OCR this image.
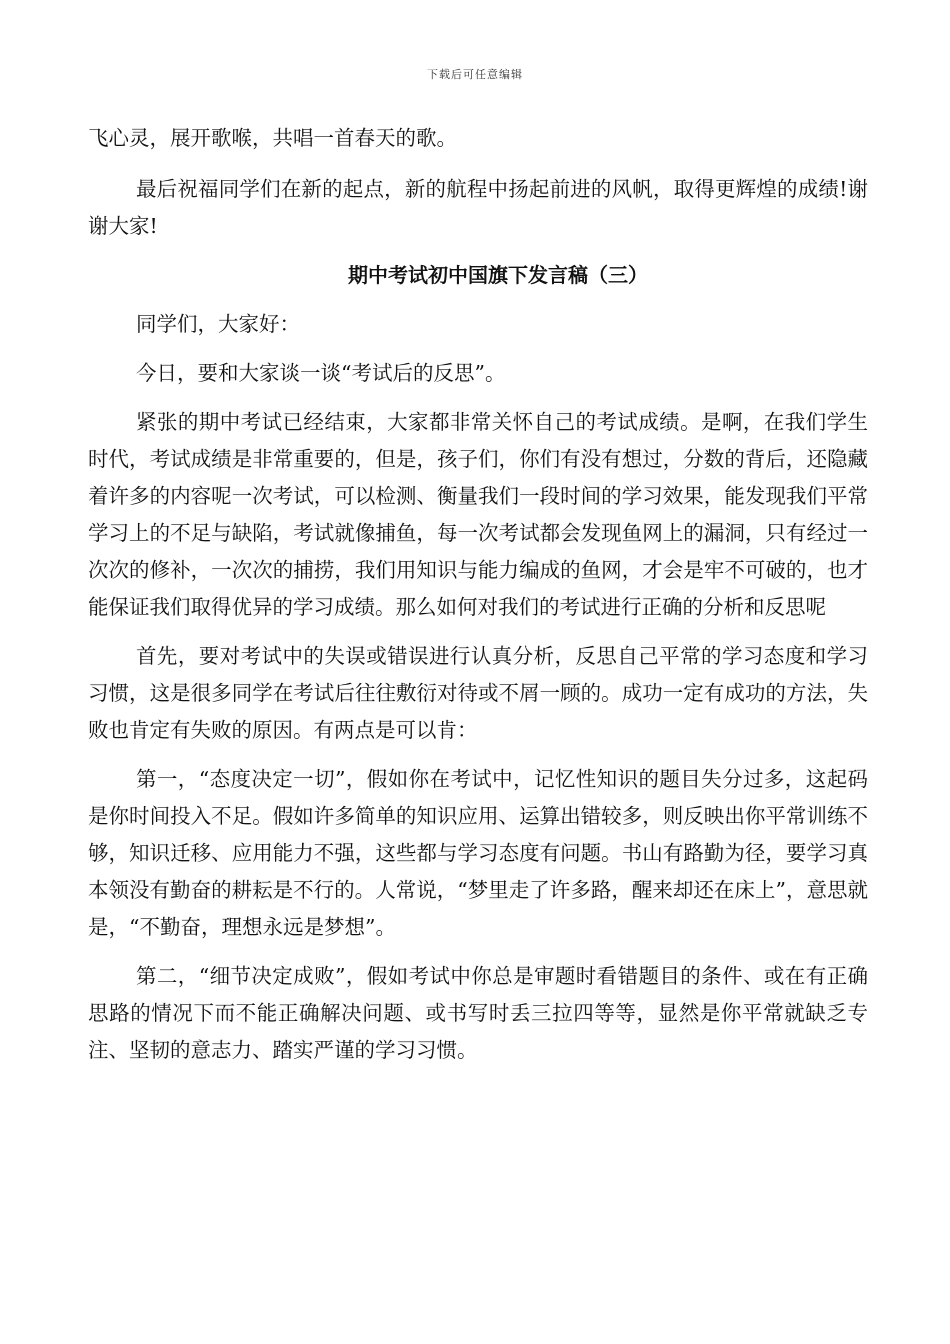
下载后可任意编辑

飞心灵，展开歌喉，共唱一首春天的歌。

最后祝福同学们在新的起点，新的航程中扬起前进的风帆，取得更辉煌的成绩!谢谢大家!

期中考试初中国旗下发言稿（三）

同学们，大家好：

今日，要和大家谈一谈“考试后的反思”。

紧张的期中考试已经结束，大家都非常关怀自己的考试成绩。是啊，在我们学生时代，考试成绩是非常重要的，但是，孩子们，你们有没有想过，分数的背后，还隐藏着许多的内容呢一次考试，可以检测、衡量我们一段时间的学习效果，能发现我们平常学习上的不足与缺陷，考试就像捕鱼，每一次考试都会发现鱼网上的漏洞，只有经过一次次的修补，一次次的捕捞，我们用知识与能力编成的鱼网，才会是牢不可破的，也才能保证我们取得优异的学习成绩。那么如何对我们的考试进行正确的分析和反思呢

首先，要对考试中的失误或错误进行认真分析，反思自己平常的学习态度和学习习惯，这是很多同学在考试后往往敷衍对待或不屑一顾的。成功一定有成功的方法，失败也肯定有失败的原因。有两点是可以肯：

第一，“态度决定一切”，假如你在考试中，记忆性知识的题目失分过多，这起码是你时间投入不足。假如许多简单的知识应用、运算出错较多，则反映出你平常训练不够，知识迁移、应用能力不强，这些都与学习态度有问题。书山有路勤为径，要学习真本领没有勤奋的耕耘是不行的。人常说，“梦里走了许多路，醒来却还在床上”，意思就是，“不勤奋，理想永远是梦想”。

第二，“细节决定成败”，假如考试中你总是审题时看错题目的条件、或在有正确思路的情况下而不能正确解决问题、或书写时丢三拉四等等，显然是你平常就缺乏专注、坚韧的意志力、踏实严谨的学习习惯。
